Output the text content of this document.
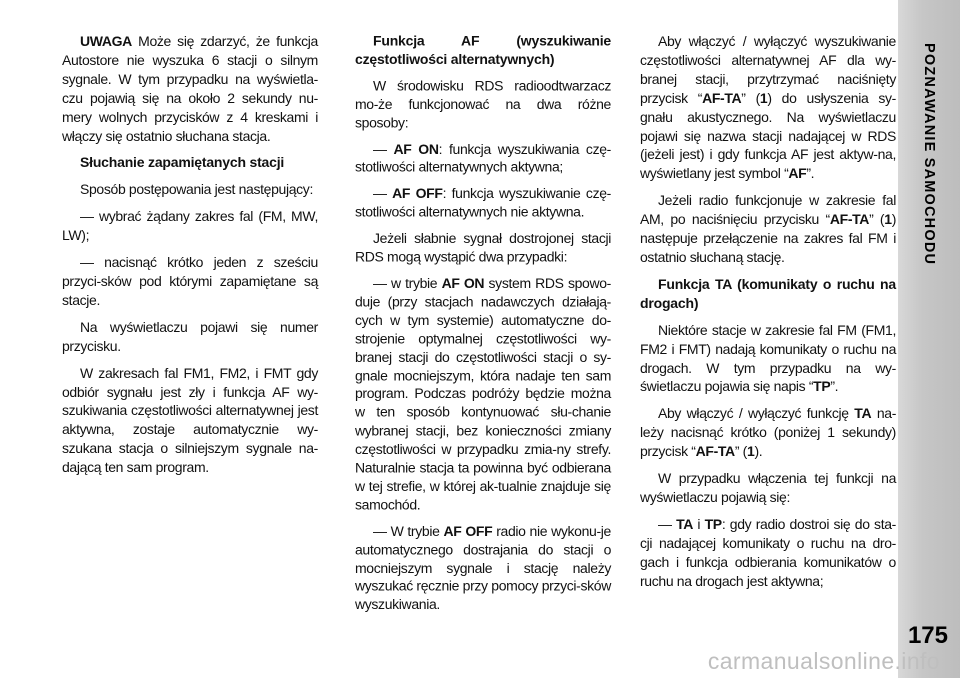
UWAGA Może się zdarzyć, że funkcja Autostore nie wyszuka 6 stacji o silnym sygnale. W tym przypadku na wyświetla-czu pojawią się na około 2 sekundy nu-mery wolnych przycisków z 4 kreskami i włączy się ostatnio słuchana stacja.

Słuchanie zapamiętanych stacji

Sposób postępowania jest następujący:

— wybrać żądany zakres fal (FM, MW, LW);

— nacisnąć krótko jeden z sześciu przyci-sków pod którymi zapamiętane są stacje.

Na wyświetlaczu pojawi się numer przycisku.

W zakresach fal FM1, FM2, i FMT gdy odbiór sygnału jest zły i funkcja AF wy-szukiwania częstotliwości alternatywnej jest aktywna, zostaje automatycznie wy-szukana stacja o silniejszym sygnale na-dającą ten sam program.

Funkcja AF (wyszukiwanie częstotliwości alternatywnych)

W środowisku RDS radioodtwarzacz mo-że funkcjonować na dwa różne sposoby:

— AF ON: funkcja wyszukiwania czę-stotliwości alternatywnych aktywna;

— AF OFF: funkcja wyszukiwanie czę-stotliwości alternatywnych nie aktywna.

Jeżeli słabnie sygnał dostrojonej stacji RDS mogą wystąpić dwa przypadki:

— w trybie AF ON system RDS spowo-duje (przy stacjach nadawczych działają-cych w tym systemie) automatyczne do-strojenie optymalnej częstotliwości wy-branej stacji do częstotliwości stacji o sy-gnale mocniejszym, która nadaje ten sam program. Podczas podróży będzie można w ten sposób kontynuować słu-chanie wybranej stacji, bez konieczności zmiany częstotliwości w przypadku zmia-ny strefy. Naturalnie stacja ta powinna być odbierana w tej strefie, w której ak-tualnie znajduje się samochód.

— W trybie AF OFF radio nie wykonu-je automatycznego dostrajania do stacji o mocniejszym sygnale i stację należy wyszukać ręcznie przy pomocy przyci-sków wyszukiwania.

Aby włączyć / wyłączyć wyszukiwanie częstotliwości alternatywnej AF dla wy-branej stacji, przytrzymać naciśnięty przycisk “AF-TA” (1) do usłyszenia sy-gnału akustycznego. Na wyświetlaczu pojawi się nazwa stacji nadającej w RDS (jeżeli jest) i gdy funkcja AF jest aktyw-na, wyświetlany jest symbol “AF”.

Jeżeli radio funkcjonuje w zakresie fal AM, po naciśnięciu przycisku “AF-TA” (1) następuje przełączenie na zakres fal FM i ostatnio słuchaną stację.

Funkcja TA (komunikaty o ruchu na drogach)

Niektóre stacje w zakresie fal FM (FM1, FM2 i FMT) nadają komunikaty o ruchu na drogach. W tym przypadku na wy-świetlaczu pojawia się napis “TP”.

Aby włączyć / wyłączyć funkcję TA na-leży nacisnąć krótko (poniżej 1 sekundy) przycisk “AF-TA” (1).

W przypadku włączenia tej funkcji na wyświetlaczu pojawią się:

— TA i TP: gdy radio dostroi się do sta-cji nadającej komunikaty o ruchu na dro-gach i funkcja odbierania komunikatów o ruchu na drogach jest aktywna;

POZNAWANIE SAMOCHODU
175
carmanualsonline.info
